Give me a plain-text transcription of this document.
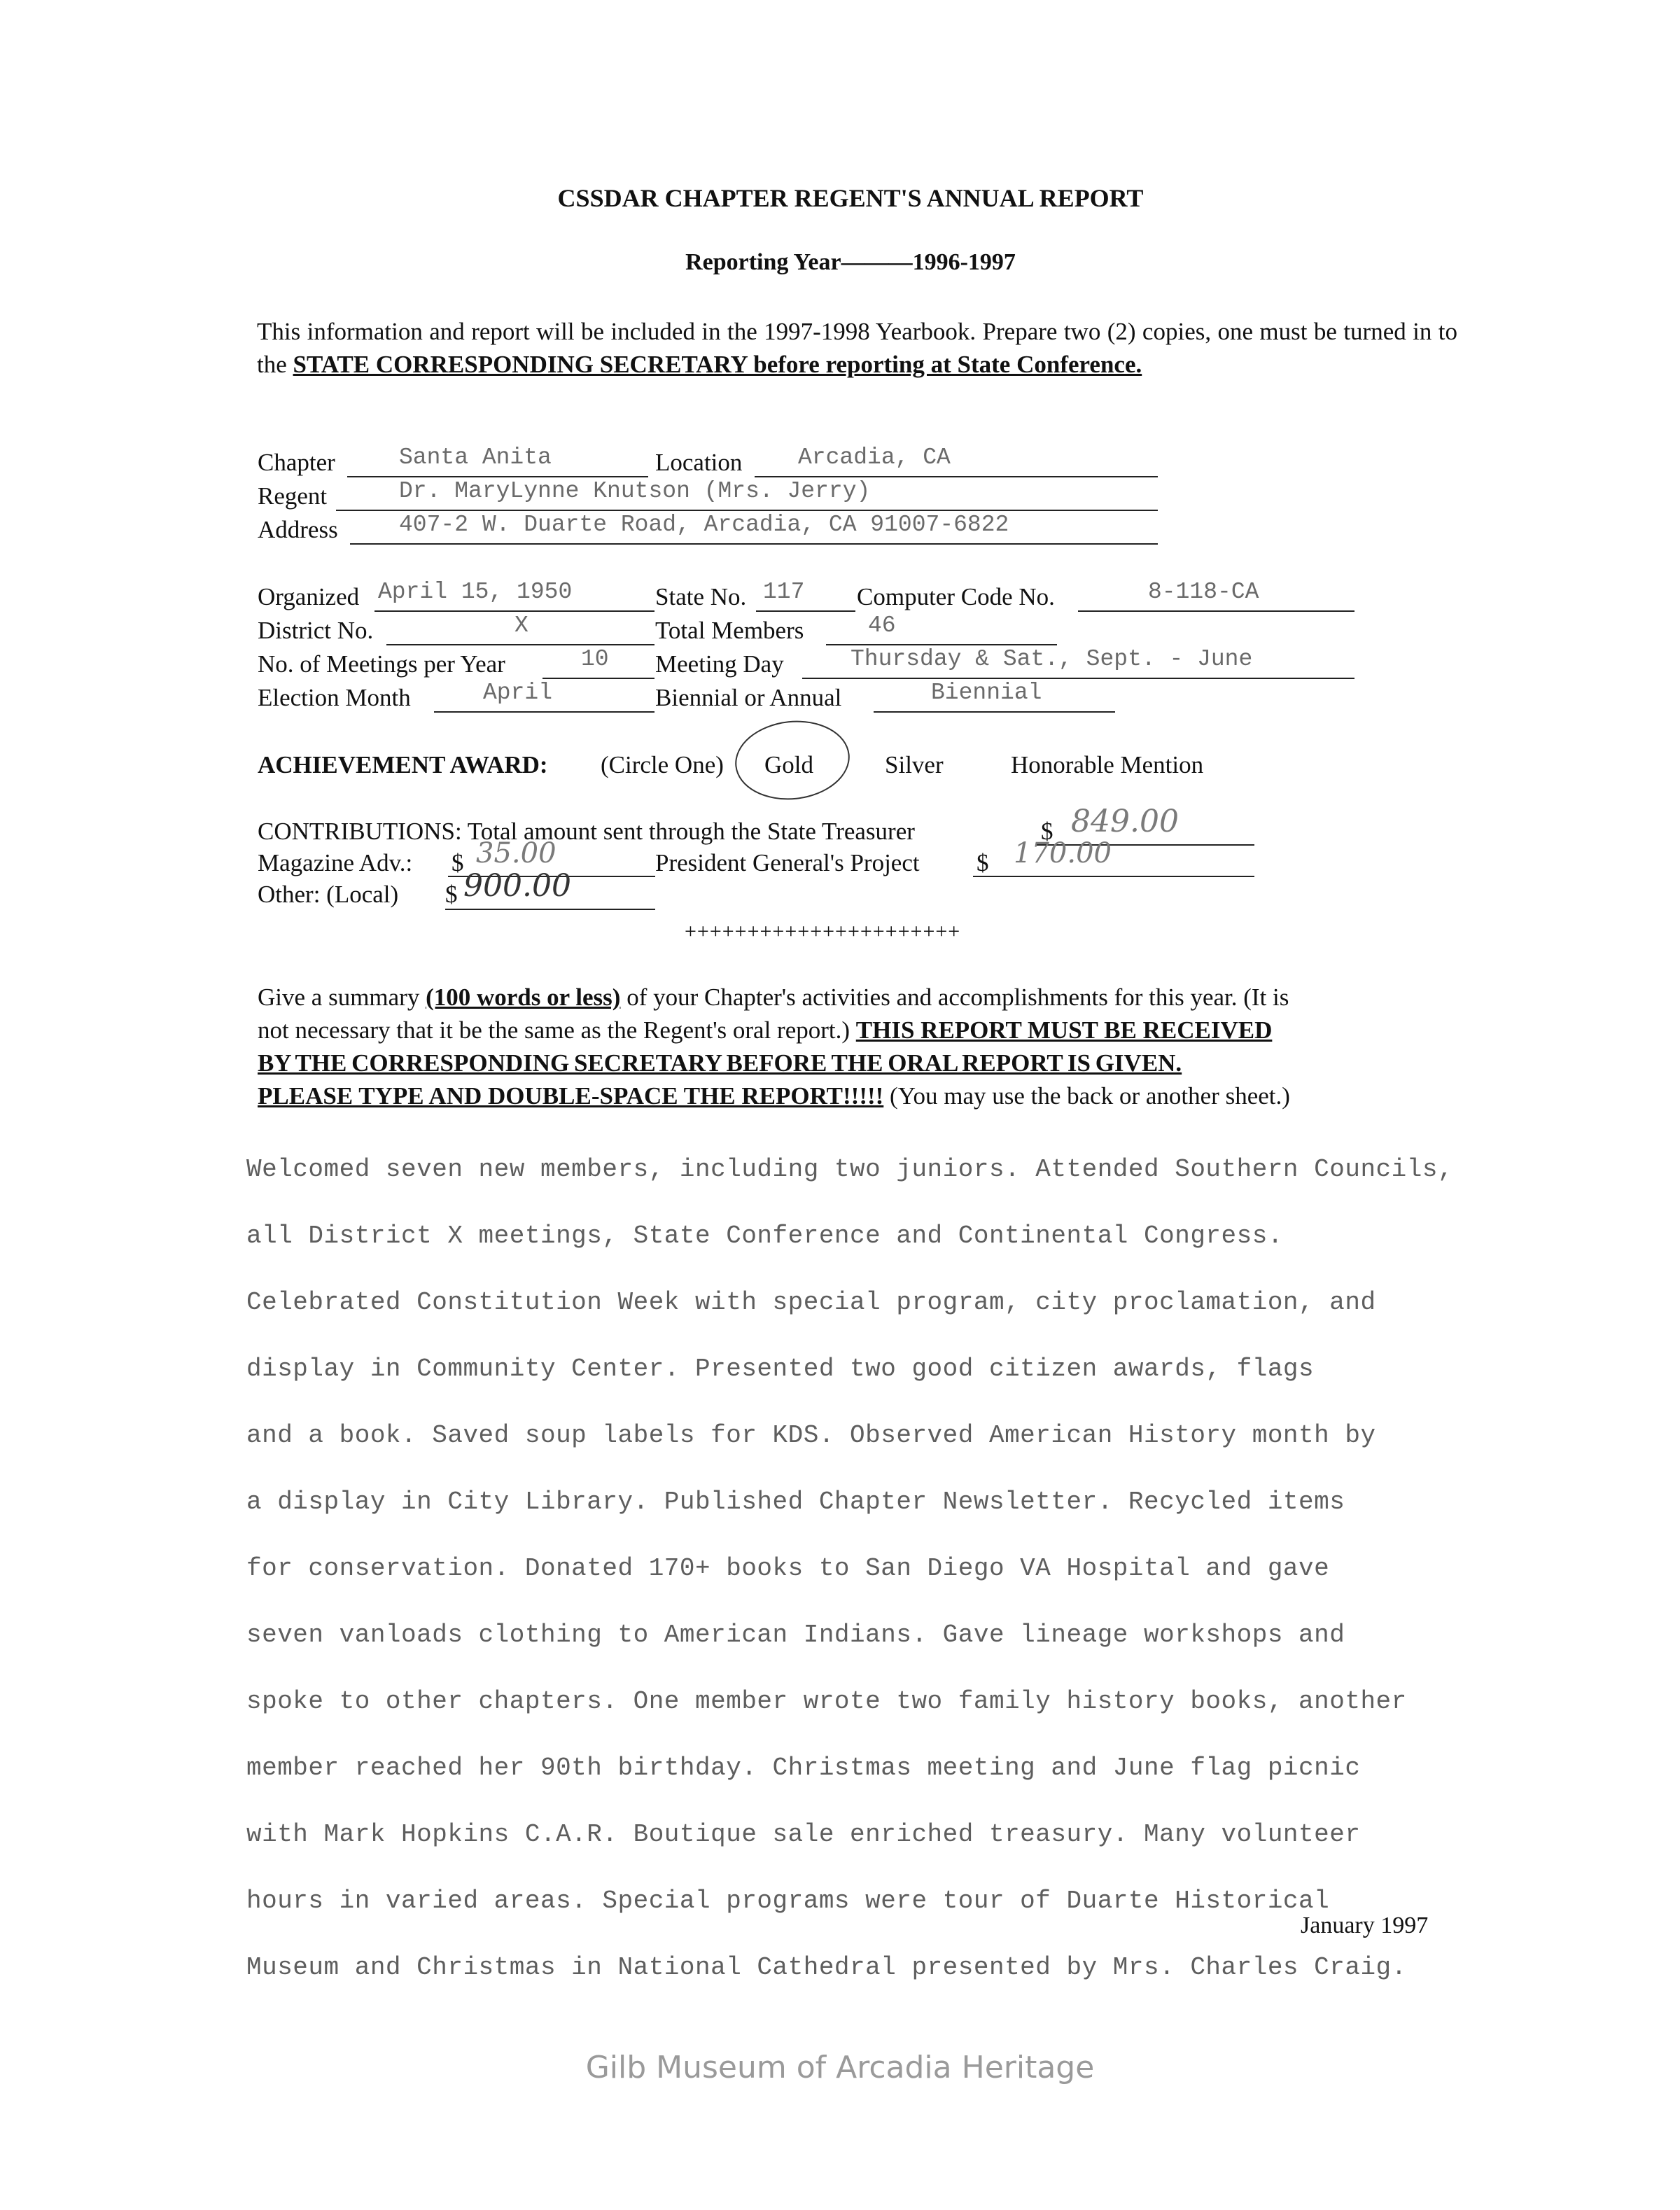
CSSDAR CHAPTER REGENT'S ANNUAL REPORT
Reporting Year———1996-1997
This information and report will be included in the 1997-1998 Yearbook. Prepare two (2) copies, one must be turned in to the STATE CORRESPONDING SECRETARY before reporting at State Conference.
Chapter	Santa Anita	Location Arcadia, CA
Regent	Dr. MaryLynne Knutson (Mrs. Jerry)
Address	407-2 W. Duarte Road, Arcadia, CA 91007-6822
Organized April 15, 1950	State No. 117 Computer Code No.	8-118-CA
District No.	X	Total Members	46
No. of Meetings per Year	10 Meeting Day	Thursday & Sat., Sept. - June
Election Month	April	Biennial or Annual	Biennial
ACHIEVEMENT AWARD: (Circle One) Gold	Silver	Honorable Mention
CONTRIBUTIONS: Total amount sent through the State Treasurer	$ 849.00
Magazine Adv.: $ 35.00	President General's Project $ 170.00
Other: (Local) $ 900.00
++++++++++++++++++++++
Give a summary (100 words or less) of your Chapter's activities and accomplishments for this year. (It is
not necessary that it be the same as the Regent's oral report.) THIS REPORT MUST BE RECEIVED
BY THE CORRESPONDING SECRETARY BEFORE THE ORAL REPORT IS GIVEN.
PLEASE TYPE AND DOUBLE-SPACE THE REPORT!!!!! (You may use the back or another sheet.)
Welcomed seven new members, including two juniors. Attended Southern Councils,
all District X meetings, State Conference and Continental Congress.
Celebrated Constitution Week with special program, city proclamation, and
display in Community Center. Presented two good citizen awards, flags
and a book. Saved soup labels for KDS. Observed American History month by
a display in City Library. Published Chapter Newsletter. Recycled items
for conservation. Donated 170+ books to San Diego VA Hospital and gave
seven vanloads clothing to American Indians. Gave lineage workshops and
spoke to other chapters. One member wrote two family history books, another
member reached her 90th birthday. Christmas meeting and June flag picnic
with Mark Hopkins C.A.R. Boutique sale enriched treasury. Many volunteer
hours in varied areas. Special programs were tour of Duarte Historical
Museum and Christmas in National Cathedral presented by Mrs. Charles Craig.
January 1997
Gilb Museum of Arcadia Heritage
